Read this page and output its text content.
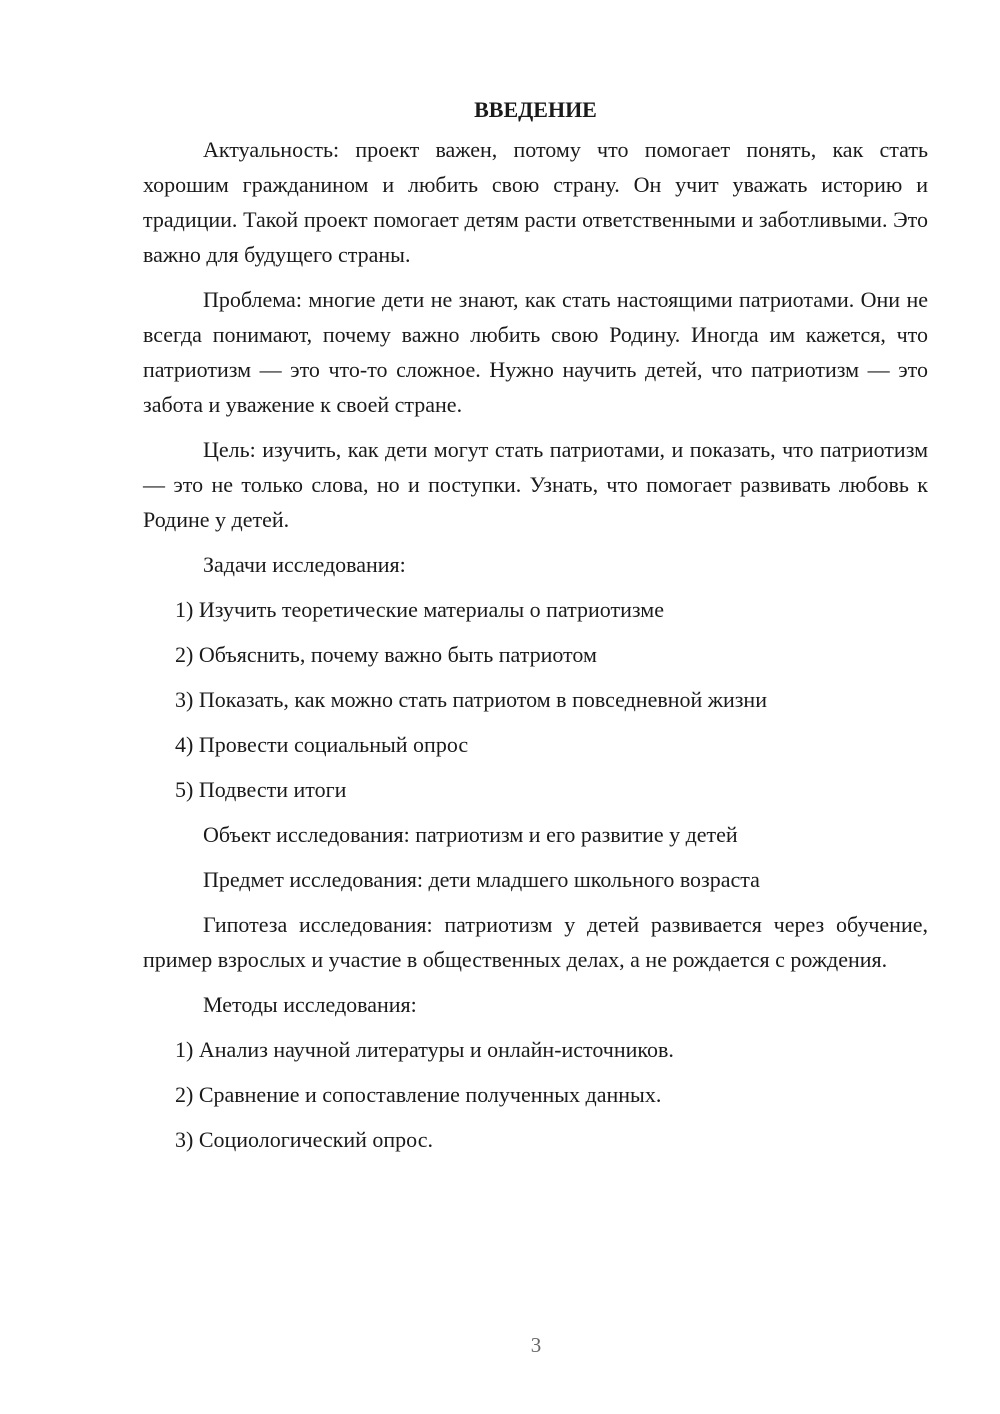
ВВЕДЕНИЕ

Актуальность: проект важен, потому что помогает понять, как стать хорошим гражданином и любить свою страну. Он учит уважать историю и традиции. Такой проект помогает детям расти ответственными и заботливыми. Это важно для будущего страны.

Проблема: многие дети не знают, как стать настоящими патриотами. Они не всегда понимают, почему важно любить свою Родину. Иногда им кажется, что патриотизм — это что-то сложное. Нужно научить детей, что патриотизм — это забота и уважение к своей стране.

Цель: изучить, как дети могут стать патриотами, и показать, что патриотизм — это не только слова, но и поступки. Узнать, что помогает развивать любовь к Родине у детей.

Задачи исследования:
1) Изучить теоретические материалы о патриотизме
2) Объяснить, почему важно быть патриотом
3) Показать, как можно стать патриотом в повседневной жизни
4) Провести социальный опрос
5) Подвести итоги
Объект исследования: патриотизм и его развитие у детей
Предмет исследования: дети младшего школьного возраста

Гипотеза исследования: патриотизм у детей развивается через обучение, пример взрослых и участие в общественных делах, а не рождается с рождения.

Методы исследования:
1) Анализ научной литературы и онлайн-источников.
2) Сравнение и сопоставление полученных данных.
3) Социологический опрос.
3
